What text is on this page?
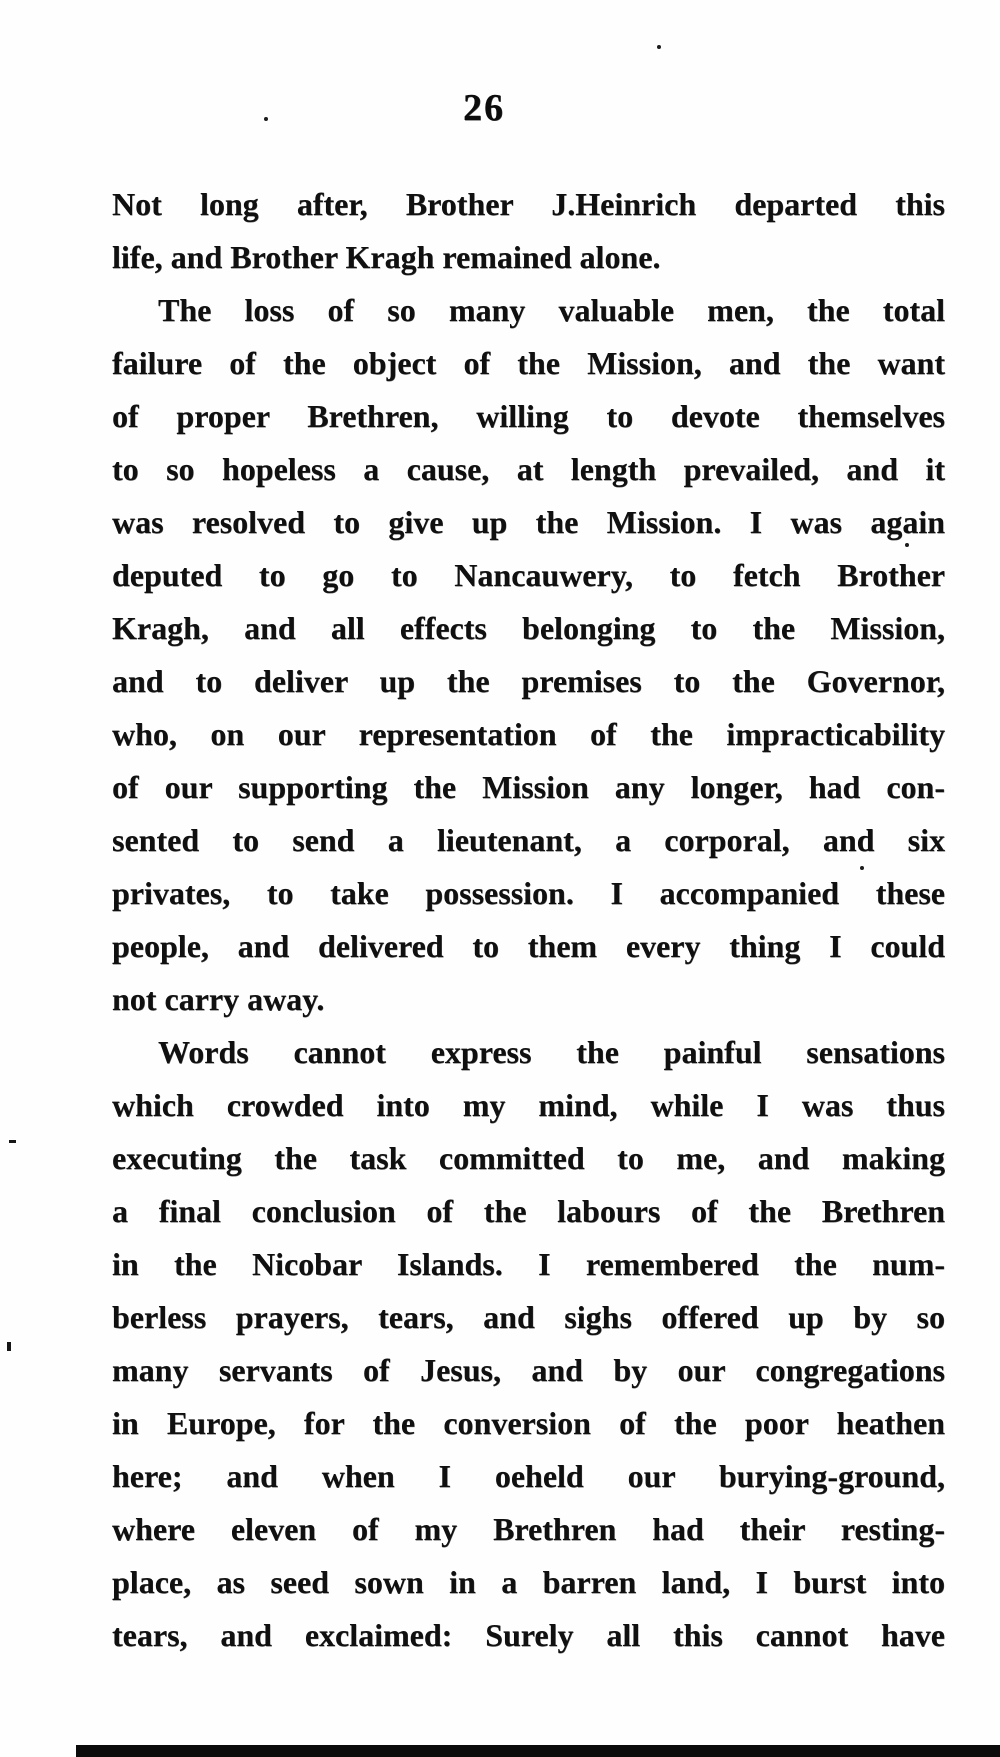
26
Not long after, Brother J.Heinrich departed this
life, and Brother Kragh remained alone.
The loss of so many valuable men, the total
failure of the object of the Mission, and the want
of proper Brethren, willing to devote themselves
to so hopeless a cause, at length prevailed, and it
was resolved to give up the Mission. I was again
deputed to go to Nancauwery, to fetch Brother
Kragh, and all effects belonging to the Mission,
and to deliver up the premises to the Governor,
who, on our representation of the impracticability
of our supporting the Mission any longer, had con-
sented to send a lieutenant, a corporal, and six
privates, to take possession. I accompanied these
people, and delivered to them every thing I could
not carry away.
Words cannot express the painful sensations
which crowded into my mind, while I was thus
executing the task committed to me, and making
a final conclusion of the labours of the Brethren
in the Nicobar Islands. I remembered the num-
berless prayers, tears, and sighs offered up by so
many servants of Jesus, and by our congregations
in Europe, for the conversion of the poor heathen
here; and when I oeheld our burying-ground,
where eleven of my Brethren had their resting-
place, as seed sown in a barren land, I burst into
tears, and exclaimed: Surely all this cannot have
